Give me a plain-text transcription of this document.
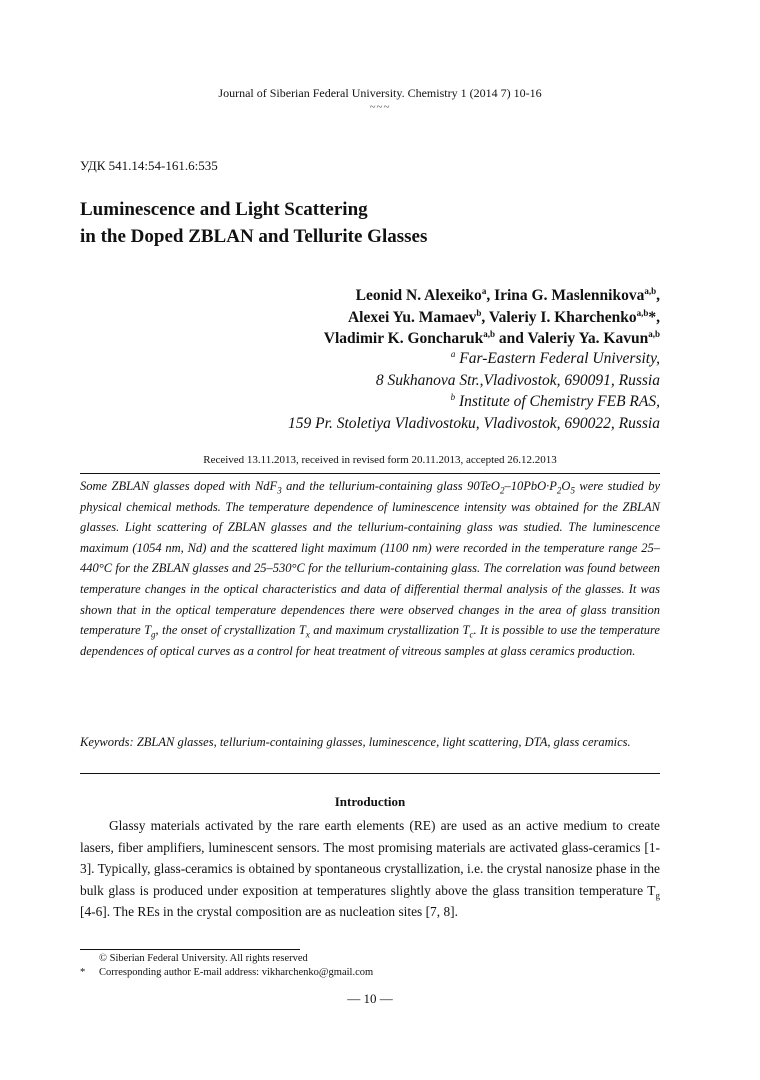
Journal of Siberian Federal University. Chemistry 1 (2014 7) 10-16
~~~
УДК 541.14:54-161.6:535
Luminescence and Light Scattering
in the Doped ZBLAN and Tellurite Glasses
Leonid N. Alexeiko$^a$, Irina G. Maslennikova$^{a,b}$,
Alexei Yu. Mamaev$^b$, Valeriy I. Kharchenko$^{a,b}$*,
Vladimir K. Goncharuk$^{a,b}$ and Valeriy Ya. Kavun$^{a,b}$
$^a$ Far-Eastern Federal University,
8 Sukhanova Str.,Vladivostok, 690091, Russia
$^b$ Institute of Chemistry FEB RAS,
159 Pr. Stoletiya Vladivostoku, Vladivostok, 690022, Russia
Received 13.11.2013, received in revised form 20.11.2013, accepted 26.12.2013
Some ZBLAN glasses doped with NdF$_3$ and the tellurium-containing glass $90TeO_2-10PbO\cdot P_2O_5$ were studied by physical chemical methods. The temperature dependence of luminescence intensity was obtained for the ZBLAN glasses. Light scattering of ZBLAN glasses and the tellurium-containing glass was studied. The luminescence maximum (1054 nm, Nd) and the scattered light maximum (1100 nm) were recorded in the temperature range 25–440°C for the ZBLAN glasses and 25–530°C for the tellurium-containing glass. The correlation was found between temperature changes in the optical characteristics and data of differential thermal analysis of the glasses. It was shown that in the optical temperature dependences there were observed changes in the area of glass transition temperature $T_g$, the onset of crystallization $T_x$ and maximum crystallization $T_c$. It is possible to use the temperature dependences of optical curves as a control for heat treatment of vitreous samples at glass ceramics production.
Keywords: ZBLAN glasses, tellurium-containing glasses, luminescence, light scattering, DTA, glass ceramics.
Introduction
Glassy materials activated by the rare earth elements (RE) are used as an active medium to create lasers, fiber amplifiers, luminescent sensors. The most promising materials are activated glass-ceramics [1-3]. Typically, glass-ceramics is obtained by spontaneous crystallization, i.e. the crystal nanosize phase in the bulk glass is produced under exposition at temperatures slightly above the glass transition temperature $T_g$ [4-6]. The REs in the crystal composition are as nucleation sites [7, 8].
© Siberian Federal University. All rights reserved
* Corresponding author E-mail address: vikharchenko@gmail.com
— 10 —
